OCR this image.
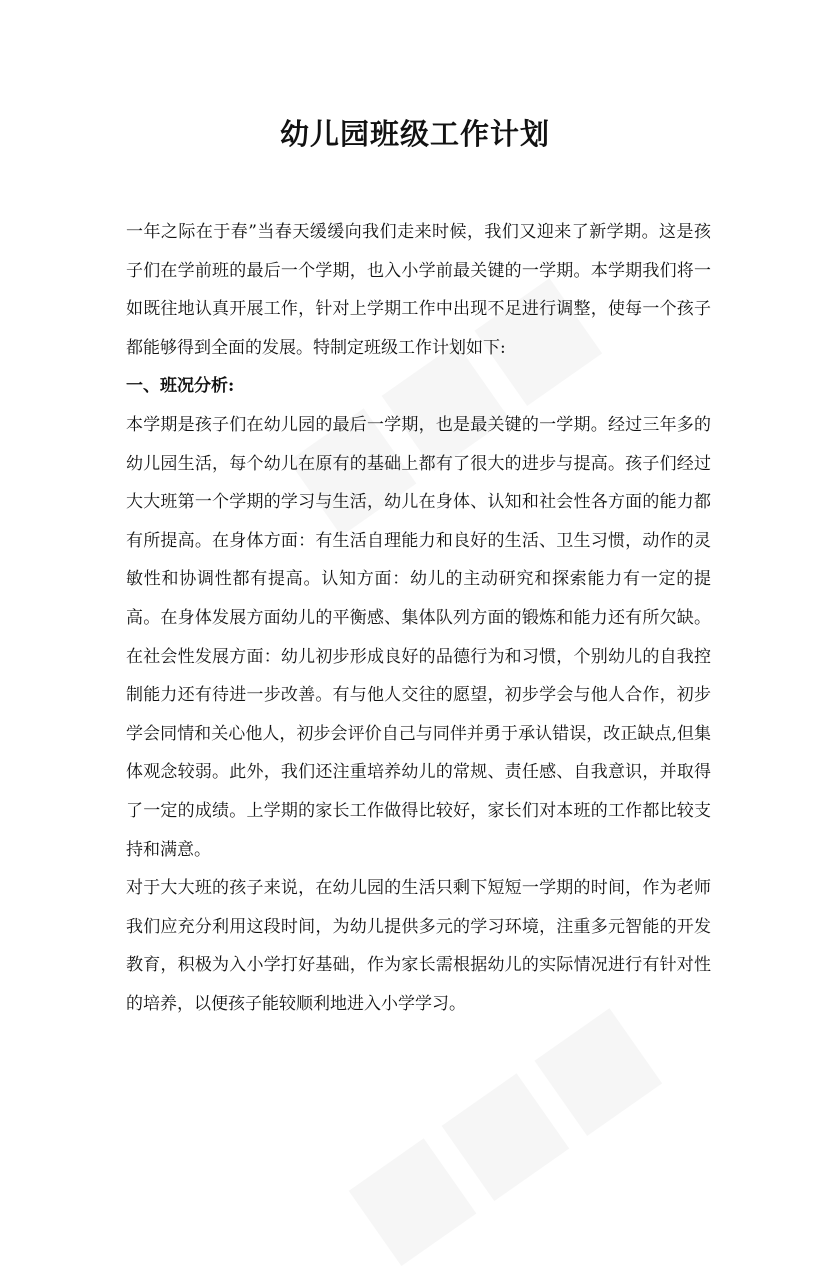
幼儿园班级工作计划

一年之际在于春”当春天缓缓向我们走来时候，我们又迎来了新学期。这是孩子们在学前班的最后一个学期，也入小学前最关键的一学期。本学期我们将一如既往地认真开展工作，针对上学期工作中出现不足进行调整，使每一个孩子都能够得到全面的发展。特制定班级工作计划如下:

一、班况分析:

本学期是孩子们在幼儿园的最后一学期，也是最关键的一学期。经过三年多的幼儿园生活，每个幼儿在原有的基础上都有了很大的进步与提高。孩子们经过大大班第一个学期的学习与生活，幼儿在身体、认知和社会性各方面的能力都有所提高。在身体方面：有生活自理能力和良好的生活、卫生习惯，动作的灵敏性和协调性都有提高。认知方面：幼儿的主动研究和探索能力有一定的提高。在身体发展方面幼儿的平衡感、集体队列方面的锻炼和能力还有所欠缺。在社会性发展方面：幼儿初步形成良好的品德行为和习惯，个别幼儿的自我控制能力还有待进一步改善。有与他人交往的愿望，初步学会与他人合作，初步学会同情和关心他人，初步会评价自己与同伴并勇于承认错误，改正缺点,但集体观念较弱。此外，我们还注重培养幼儿的常规、责任感、自我意识，并取得了一定的成绩。上学期的家长工作做得比较好，家长们对本班的工作都比较支持和满意。

对于大大班的孩子来说，在幼儿园的生活只剩下短短一学期的时间，作为老师我们应充分利用这段时间，为幼儿提供多元的学习环境，注重多元智能的开发教育，积极为入小学打好基础，作为家长需根据幼儿的实际情况进行有针对性的培养，以便孩子能较顺利地进入小学学习。
